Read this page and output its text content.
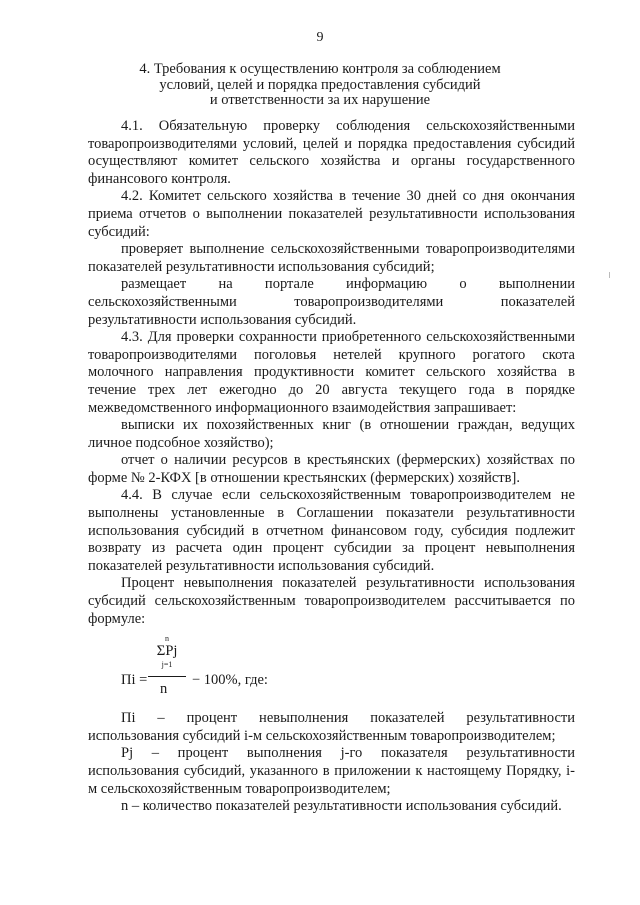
9
4. Требования к осуществлению контроля за соблюдением
условий, целей и порядка предоставления субсидий
и ответственности за их нарушение

4.1. Обязательную проверку соблюдения сельскохозяйственными товаропроизводителями условий, целей и порядка предоставления субсидий осуществляют комитет сельского хозяйства и органы государственного финансового контроля.

4.2. Комитет сельского хозяйства в течение 30 дней со дня окончания приема отчетов о выполнении показателей результативности использования субсидий:

проверяет выполнение сельскохозяйственными товаропроизводителями показателей результативности использования субсидий;

размещает на портале информацию о выполнении сельскохозяйственными товаропроизводителями показателей результативности использования субсидий.

4.3. Для проверки сохранности приобретенного сельскохозяйственными товаропроизводителями поголовья нетелей крупного рогатого скота молочного направления продуктивности комитет сельского хозяйства в течение трех лет ежегодно до 20 августа текущего года в порядке межведомственного информационного взаимодействия запрашивает:

выписки их похозяйственных книг (в отношении граждан, ведущих личное подсобное хозяйство);

отчет о наличии ресурсов в крестьянских (фермерских) хозяйствах по форме № 2-КФХ [в отношении крестьянских (фермерских) хозяйств].

4.4. В случае если сельскохозяйственным товаропроизводителем не выполнены установленные в Соглашении показатели результативности использования субсидий в отчетном финансовом году, субсидия подлежит возврату из расчета один процент субсидии за процент невыполнения показателей результативности использования субсидий.

Процент невыполнения показателей результативности использования субсидий сельскохозяйственным товаропроизводителем рассчитывается по формуле:

Пi =
n
ΣPj
j=1
n
− 100%, где:

Пi – процент невыполнения показателей результативности использования субсидий i-м сельскохозяйственным товаропроизводителем;

Pj – процент выполнения j-го показателя результативности использования субсидий, указанного в приложении к настоящему Порядку, i-м сельскохозяйственным товаропроизводителем;

n – количество показателей результативности использования субсидий.
